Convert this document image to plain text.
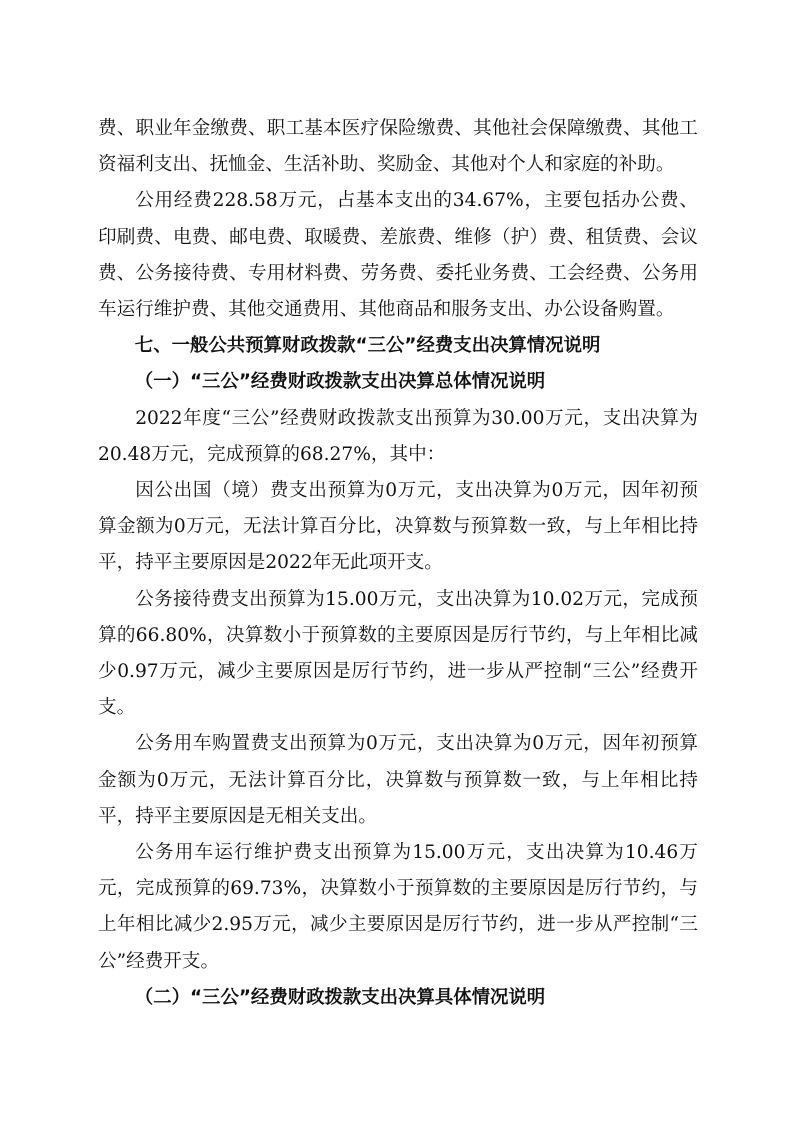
费、职业年金缴费、职工基本医疗保险缴费、其他社会保障缴费、其他工资福利支出、抚恤金、生活补助、奖励金、其他对个人和家庭的补助。

公用经费228.58万元，占基本支出的34.67%，主要包括办公费、印刷费、电费、邮电费、取暖费、差旅费、维修（护）费、租赁费、会议费、公务接待费、专用材料费、劳务费、委托业务费、工会经费、公务用车运行维护费、其他交通费用、其他商品和服务支出、办公设备购置。

七、一般公共预算财政拨款“三公”经费支出决算情况说明

（一）“三公”经费财政拨款支出决算总体情况说明

2022年度“三公”经费财政拨款支出预算为30.00万元，支出决算为20.48万元，完成预算的68.27%，其中：

因公出国（境）费支出预算为0万元，支出决算为0万元，因年初预算金额为0万元，无法计算百分比，决算数与预算数一致，与上年相比持平，持平主要原因是2022年无此项开支。

公务接待费支出预算为15.00万元，支出决算为10.02万元，完成预算的66.80%，决算数小于预算数的主要原因是厉行节约，与上年相比减少0.97万元，减少主要原因是厉行节约，进一步从严控制“三公”经费开支。

公务用车购置费支出预算为0万元，支出决算为0万元，因年初预算金额为0万元，无法计算百分比，决算数与预算数一致，与上年相比持平，持平主要原因是无相关支出。

公务用车运行维护费支出预算为15.00万元，支出决算为10.46万元，完成预算的69.73%，决算数小于预算数的主要原因是厉行节约，与上年相比减少2.95万元，减少主要原因是厉行节约，进一步从严控制“三公”经费开支。

（二）“三公”经费财政拨款支出决算具体情况说明
